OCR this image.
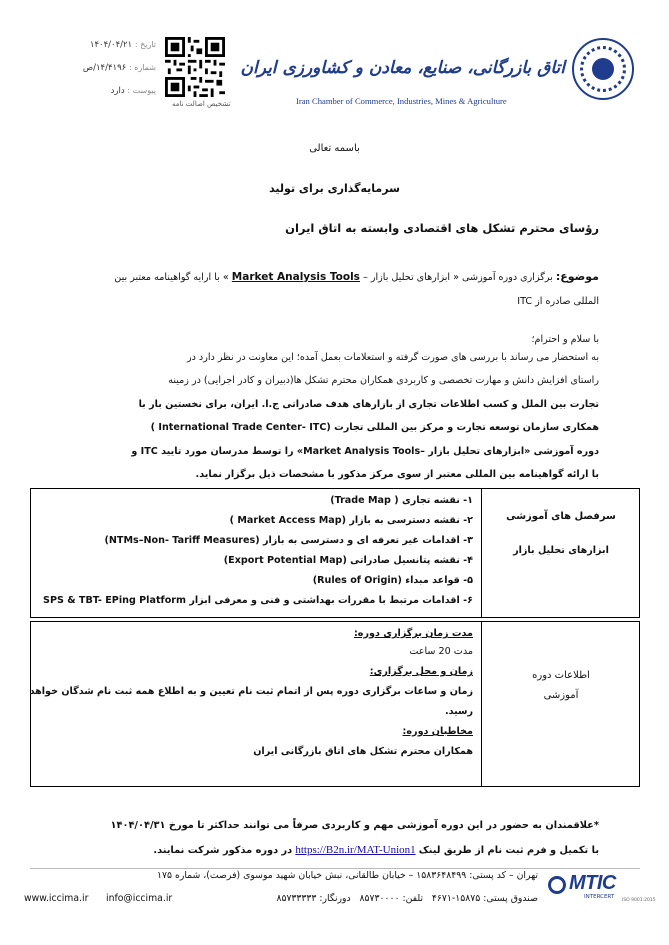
اتاق بازرگانی، صنایع، معادن و کشاورزی ایران
Iran Chamber of Commerce, Industries, Mines & Agriculture
تشخیص اصالت نامه
تاریخ : ۱۴۰۴/۰۴/۲۱
شماره : ۱۴/۴۱۹۶/ص
پیوست : دارد
باسمه تعالی
سرمایه‌گذاری برای تولید
رؤسای محترم تشکل های اقتصادی وابسته به اتاق ایران
موضوع: برگزاری دوره آموزشی « ابزارهای تحلیل بازار – Market Analysis Tools » با ارایه گواهینامه معتبر بین
المللی صادره از ITC
با سلام و احترام؛
به استحضار می رساند با بررسی های صورت گرفته و استعلامات بعمل آمده؛ این معاونت در نظر دارد در
راستای افزایش دانش و مهارت تخصصی و کاربردی همکاران محترم تشکل ها(دبیران و کادر اجرایی) در زمینه
تجارت بین الملل و کسب اطلاعات تجاری از بازارهای هدف صادراتی ج.ا. ایران، برای نخستین بار با
همکاری سازمان توسعه تجارت و مرکز بین المللی تجارت (International Trade Center- ITC )
دوره آموزشی «ابزارهای تحلیل بازار –Market Analysis Tools» را توسط مدرسان مورد تایید ITC و
با ارائه گواهینامه بین المللی معتبر از سوی مرکز مذکور با مشخصات ذیل برگزار نماید.
سرفصل های آموزشی
ابزارهای تحلیل بازار
۱- نقشه تجاری ( Trade Map)
۲- نقشه دسترسی به بازار (Market Access Map )
۳- اقدامات غیر تعرفه ای و دسترسی به بازار (NTMs–Non- Tariff Measures)
۴- نقشه پتانسیل صادراتی (Export Potential Map)
۵- قواعد مبداء (Rules of Origin)
۶- اقدامات مرتبط با مقررات بهداشتی و فنی و معرفی ابزار SPS & TBT- EPing Platform
اطلاعات دوره آموزشی
مدت زمان برگزاری دوره:
مدت 20 ساعت
زمان و محل برگزاری:
زمان و ساعات برگزاری دوره پس از اتمام ثبت نام تعیین و به اطلاع همه ثبت نام شدگان خواهد
رسید.
مخاطبان دوره:
همکاران محترم تشکل های اتاق بازرگانی ایران
*علاقمندان به حضور در این دوره آموزشی مهم و کاربردی صرفاً می توانند حداکثر تا مورخ ۱۴۰۴/۰۴/۳۱
با تکمیل و فرم ثبت نام از طریق لینک https://B2n.ir/MAT-Union1 در دوره مذکور شرکت نمایند.
تهران – کد پستی: ۱۵۸۳۶۴۸۴۹۹ – خیابان طالقانی، نبش خیابان شهید موسوی (فرصت)، شماره ۱۷۵
صندوق پستی: ۱۵۸۷۵-۴۶۷۱   تلفن: ۸۵۷۳۰۰۰۰   دورنگار: ۸۵۷۳۳۳۳۳
info@iccima.ir
www.iccima.ir
MTIC
INTERCERT
ISO 9001:2015
